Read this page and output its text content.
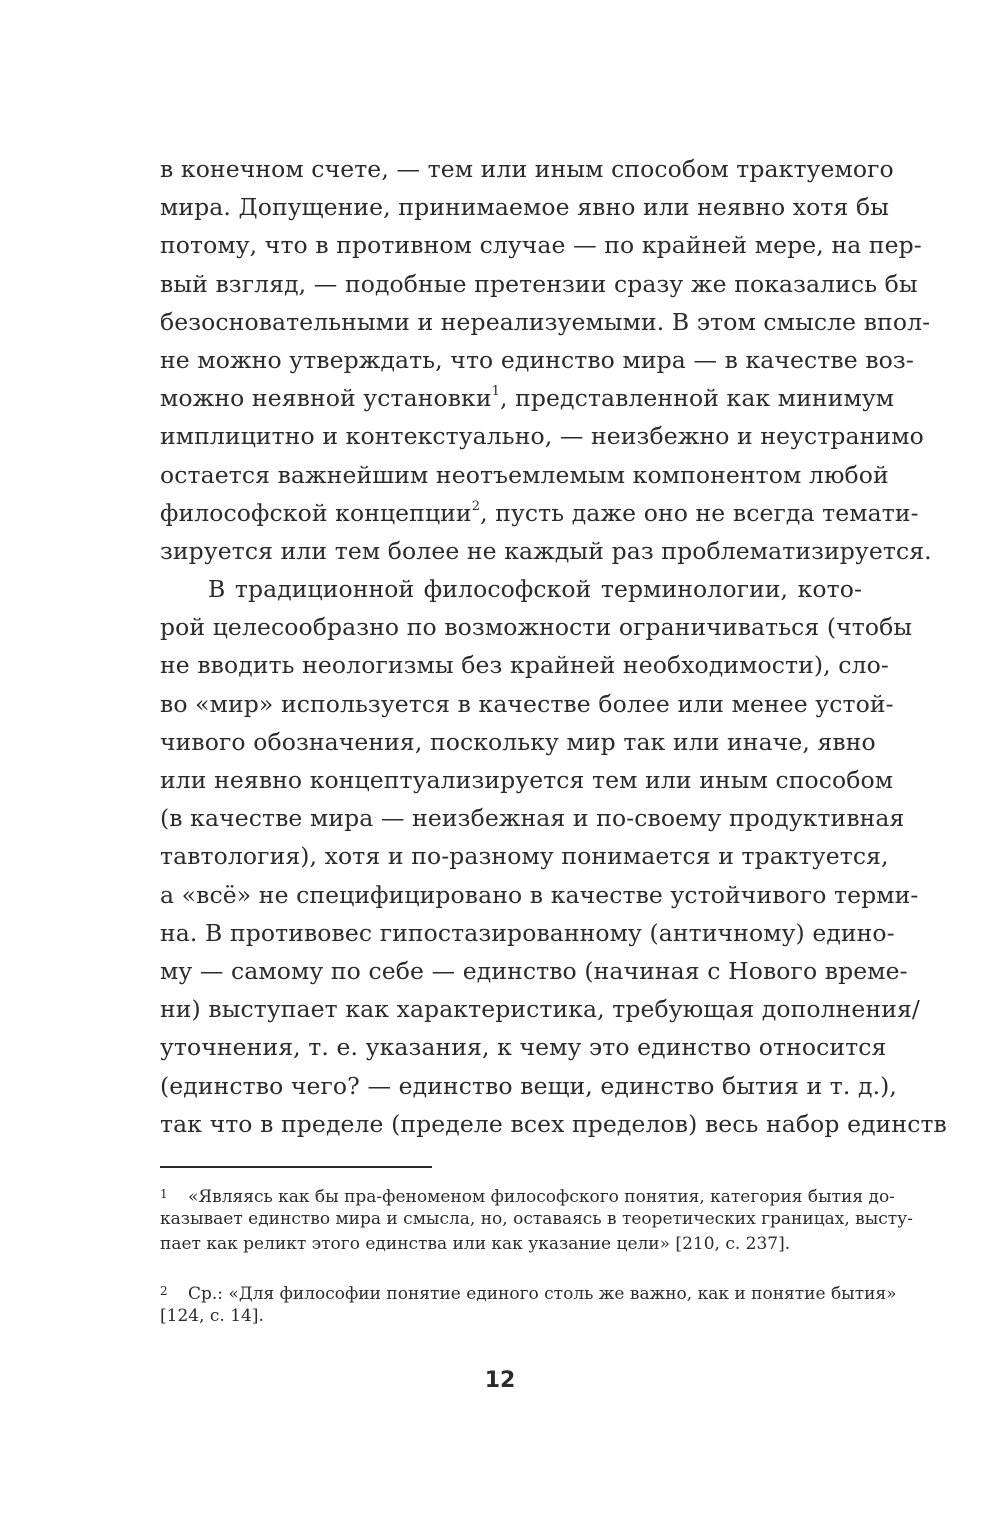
в конечном счете, — тем или иным способом трактуемого
мира. Допущение, принимаемое явно или неявно хотя бы
потому, что в противном случае — по крайней мере, на пер-
вый взгляд, — подобные претензии сразу же показались бы
безосновательными и нереализуемыми. В этом смысле впол-
не можно утверждать, что единство мира — в качестве воз-
можно неявной установки$^1$, представленной как минимум
имплицитно и контекстуально, — неизбежно и неустранимо
остается важнейшим неотъемлемым компонентом любой
философской концепции$^2$, пусть даже оно не всегда темати-
зируется или тем более не каждый раз проблематизируется.
В традиционной философской терминологии, кото-
рой целесообразно по возможности ограничиваться (чтобы
не вводить неологизмы без крайней необходимости), сло-
во «мир» используется в качестве более или менее устой-
чивого обозначения, поскольку мир так или иначе, явно
или неявно концептуализируется тем или иным способом
(в качестве мира — неизбежная и по-своему продуктивная
тавтология), хотя и по-разному понимается и трактуется,
а «всё» не специфицировано в качестве устойчивого терми-
на. В противовес гипостазированному (античному) едино-
му — самому по себе — единство (начиная с Нового време-
ни) выступает как характеристика, требующая дополнения/
уточнения, т. е. указания, к чему это единство относится
(единство чего? — единство вещи, единство бытия и т. д.),
так что в пределе (пределе всех пределов) весь набор единств
1 «Являясь как бы пра-феноменом философского понятия, категория бытия до-
казывает единство мира и смысла, но, оставаясь в теоретических границах, высту-
пает как реликт этого единства или как указание цели» [210, с. 237].
2 Ср.: «Для философии понятие единого столь же важно, как и понятие бытия»
[124, с. 14].
12
